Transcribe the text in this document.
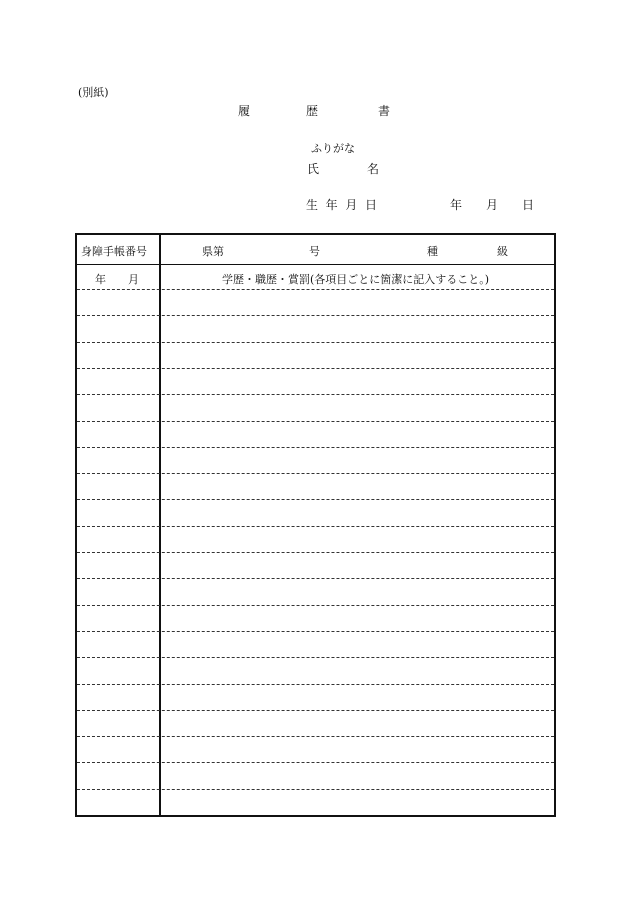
(別紙)
履	歴	書
ふりがな
氏	名
生 年 月 日	年 月 日
身障手帳番号	県第	号	種	級
年 月	学歴・職歴・賞罰(各項目ごとに箇潔に記入すること。)
